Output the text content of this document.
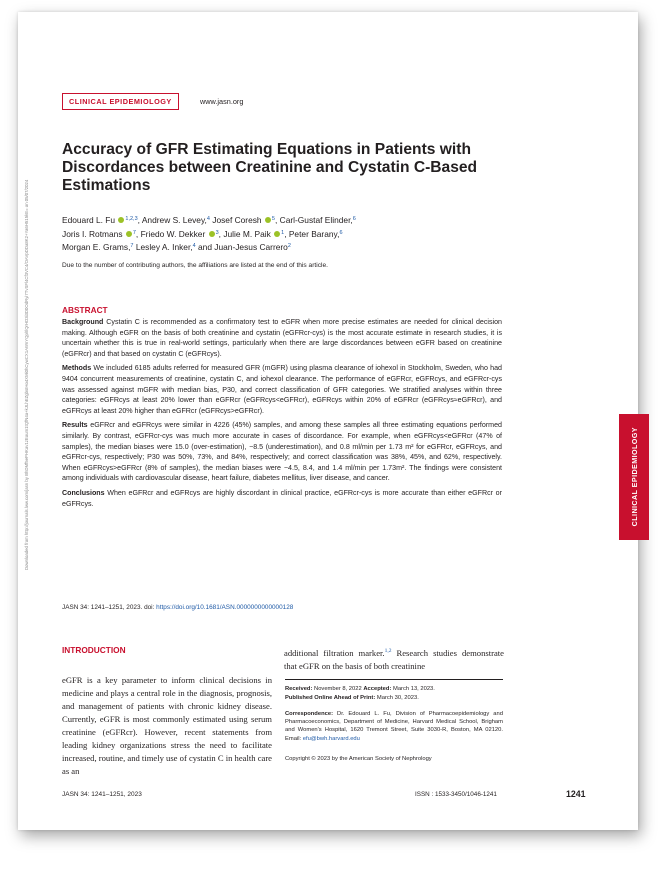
Downloaded from http://journals.lww.com/jasn by BhDMf5ePHKav1zEoum1tQfN4a+kJLhEZgbsIHo4XMi0hCywCX1AWnYQp/IlQrHD3i3D0OdRyi7TvSFl4Cf3VC4/OAVpDDa8K2+Ya6H515kE= on 05/07/2024	CLINICAL EPIDEMIOLOGY
CLINICAL EPIDEMIOLOGY	www.jasn.org
Accuracy of GFR Estimating Equations in Patients with Discordances between Creatinine and Cystatin C-Based Estimations
Edouard L. Fu $^{1,2,3}$, Andrew S. Levey,$^4$ Josef Coresh $^5$, Carl-Gustaf Elinder,$^6$
Joris I. Rotmans $^7$, Friedo W. Dekker $^3$, Julie M. Paik $^1$, Peter Barany,$^6$
Morgan E. Grams,$^7$ Lesley A. Inker,$^4$ and Juan-Jesus Carrero$^2$
Due to the number of contributing authors, the affiliations are listed at the end of this article.
ABSTRACT

Background Cystatin C is recommended as a confirmatory test to eGFR when more precise estimates are needed for clinical decision making. Although eGFR on the basis of both creatinine and cystatin (eGFRcr-cys) is the most accurate estimate in research studies, it is uncertain whether this is true in real-world settings, particularly when there are large discordances between eGFR based on creatinine (eGFRcr) and that based on cystatin C (eGFRcys).

Methods We included 6185 adults referred for measured GFR (mGFR) using plasma clearance of iohexol in Stockholm, Sweden, who had 9404 concurrent measurements of creatinine, cystatin C, and iohexol clearance. The performance of eGFRcr, eGFRcys, and eGFRcr-cys was assessed against mGFR with median bias, P30, and correct classification of GFR categories. We stratified analyses within three categories: eGFRcys at least 20% lower than eGFRcr (eGFRcys<eGFRcr), eGFRcys within 20% of eGFRcr (eGFRcys≈eGFRcr), and eGFRcys at least 20% higher than eGFRcr (eGFRcys>eGFRcr).

Results eGFRcr and eGFRcys were similar in 4226 (45%) samples, and among these samples all three estimating equations performed similarly. By contrast, eGFRcr-cys was much more accurate in cases of discordance. For example, when eGFRcys<eGFRcr (47% of samples), the median biases were 15.0 (over-estimation), −8.5 (underestimation), and 0.8 ml/min per 1.73 m² for eGFRcr, eGFRcys, and eGFRcr-cys, respectively; P30 was 50%, 73%, and 84%, respectively; and correct classification was 38%, 45%, and 62%, respectively. When eGFRcys>eGFRcr (8% of samples), the median biases were −4.5, 8.4, and 1.4 ml/min per 1.73m². The findings were consistent among individuals with cardiovascular disease, heart failure, diabetes mellitus, liver disease, and cancer.

Conclusions When eGFRcr and eGFRcys are highly discordant in clinical practice, eGFRcr-cys is more accurate than either eGFRcr or eGFRcys.

JASN 34: 1241–1251, 2023. doi: https://doi.org/10.1681/ASN.0000000000000128
INTRODUCTION
eGFR is a key parameter to inform clinical decisions in medicine and plays a central role in the diagnosis, prognosis, and management of patients with chronic kidney disease. Currently, eGFR is most commonly estimated using serum creatinine (eGFRcr). However, recent statements from leading kidney organizations stress the need to facilitate increased, routine, and timely use of cystatin C in health care as an
additional filtration marker.$^{1,2}$ Research studies demonstrate that eGFR on the basis of both creatinine
Received: November 8, 2022 Accepted: March 13, 2023.
Published Online Ahead of Print: March 30, 2023.
Correspondence: Dr. Edouard L. Fu, Division of Pharmacoepidemiology and Pharmacoeconomics, Department of Medicine, Harvard Medical School, Brigham and Women's Hospital, 1620 Tremont Street, Suite 3030-R, Boston, MA 02120. Email: efu@bwh.harvard.edu
Copyright © 2023 by the American Society of Nephrology
JASN 34: 1241–1251, 2023	ISSN : 1533-3450/1046-1241	1241
